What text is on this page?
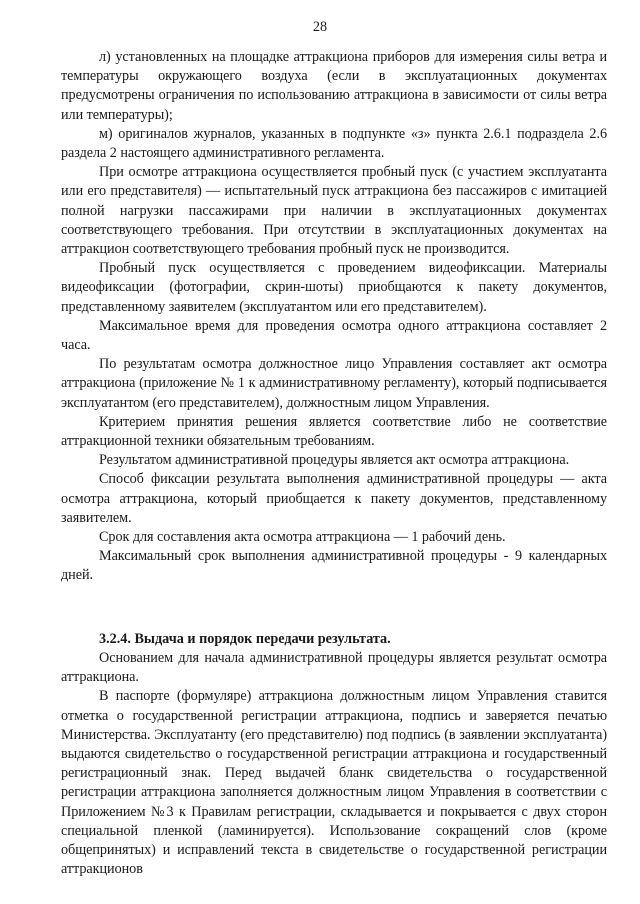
28

л) установленных на площадке аттракциона приборов для измерения силы ветра и температуры окружающего воздуха (если в эксплуатационных документах предусмотрены ограничения по использованию аттракциона в зависимости от силы ветра или температуры);

м) оригиналов журналов, указанных в подпункте «з» пункта 2.6.1 подраздела 2.6 раздела 2 настоящего административного регламента.

При осмотре аттракциона осуществляется пробный пуск (с участием эксплуатанта или его представителя) — испытательный пуск аттракциона без пассажиров с имитацией полной нагрузки пассажирами при наличии в эксплуатационных документах соответствующего требования. При отсутствии в эксплуатационных документах на аттракцион соответствующего требования пробный пуск не производится.

Пробный пуск осуществляется с проведением видеофиксации. Материалы видеофиксации (фотографии, скрин-шоты) приобщаются к пакету документов, представленному заявителем (эксплуатантом или его представителем).

Максимальное время для проведения осмотра одного аттракциона составляет 2 часа.

По результатам осмотра должностное лицо Управления составляет акт осмотра аттракциона (приложение № 1 к административному регламенту), который подписывается эксплуатантом (его представителем), должностным лицом Управления.

Критерием принятия решения является соответствие либо не соответствие аттракционной техники обязательным требованиям.

Результатом административной процедуры является акт осмотра аттракциона.

Способ фиксации результата выполнения административной процедуры — акта осмотра аттракциона, который приобщается к пакету документов, представленному заявителем.

Срок для составления акта осмотра аттракциона — 1 рабочий день.

Максимальный срок выполнения административной процедуры - 9 календарных дней.

3.2.4. Выдача и порядок передачи результата.

Основанием для начала административной процедуры является результат осмотра аттракциона.

В паспорте (формуляре) аттракциона должностным лицом Управления ставится отметка о государственной регистрации аттракциона, подпись и заверяется печатью Министерства. Эксплуатанту (его представителю) под подпись (в заявлении эксплуатанта) выдаются свидетельство о государственной регистрации аттракциона и государственный регистрационный знак. Перед выдачей бланк свидетельства о государственной регистрации аттракциона заполняется должностным лицом Управления в соответствии с Приложением №3 к Правилам регистрации, складывается и покрывается с двух сторон специальной пленкой (ламинируется). Использование сокращений слов (кроме общепринятых) и исправлений текста в свидетельстве о государственной регистрации аттракционов
